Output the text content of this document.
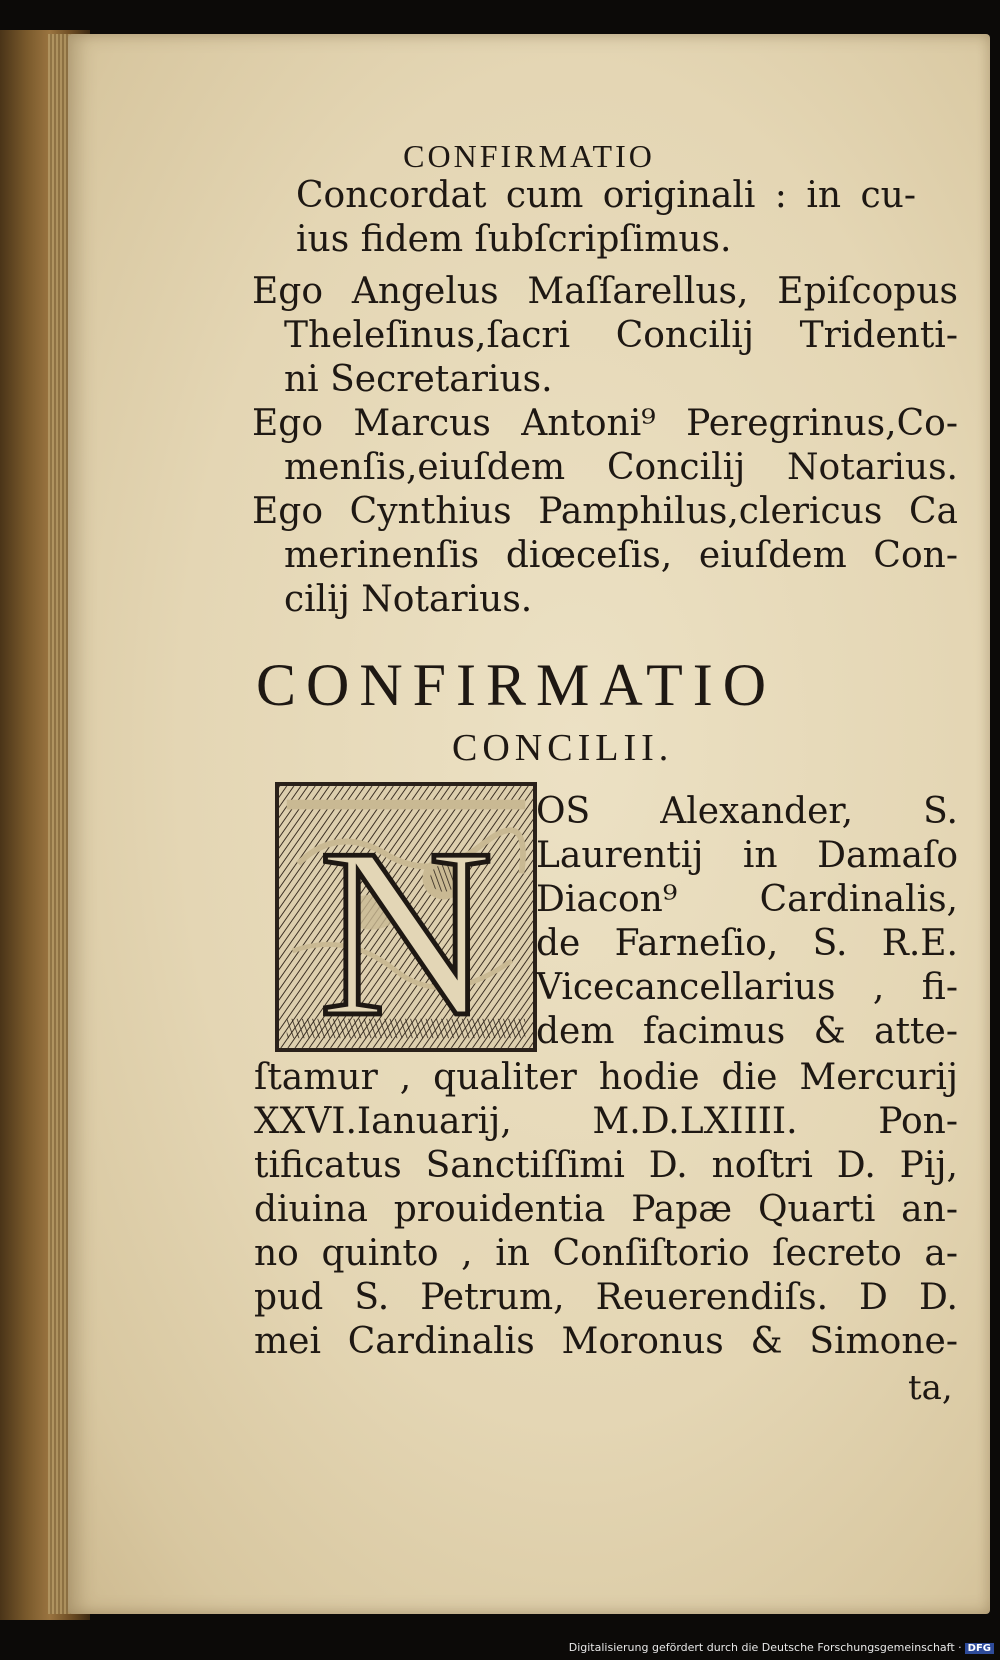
CONFIRMATIO
Concordat cum originali : in cu-
ius fidem ſubſcripſimus.
Ego Angelus Maſſarellus, Epiſcopus
Theleſinus,ſacri Concilij Tridenti-
ni Secretarius.
Ego Marcus Antoni⁹ Peregrinus,Co-
menſis,eiuſdem Concilij Notarius.
Ego Cynthius Pamphilus,clericus Ca
merinenſis diœceſis, eiuſdem Con-
cilij Notarius.
CONFIRMATIO
CONCILII.
N OS Alexander, S.
Laurentij in Damaſo
Diacon⁹ Cardinalis,
de Farneſio, S. R.E.
Vicecancellarius , fi-
dem facimus & atte-
ſtamur , qualiter hodie die Mercurij
XXVI.Ianuarij, M.D.LXIIII. Pon-
tificatus Sanctiſſimi D. noſtri D. Pij,
diuina prouidentia Papæ Quarti an-
no quinto , in Conſiſtorio ſecreto a-
pud S. Petrum, Reuerendiſs. D D.
mei Cardinalis Moronus & Simone-
ta,
Digitalisierung gefördert durch die Deutsche Forschungsgemeinschaft · DFG
